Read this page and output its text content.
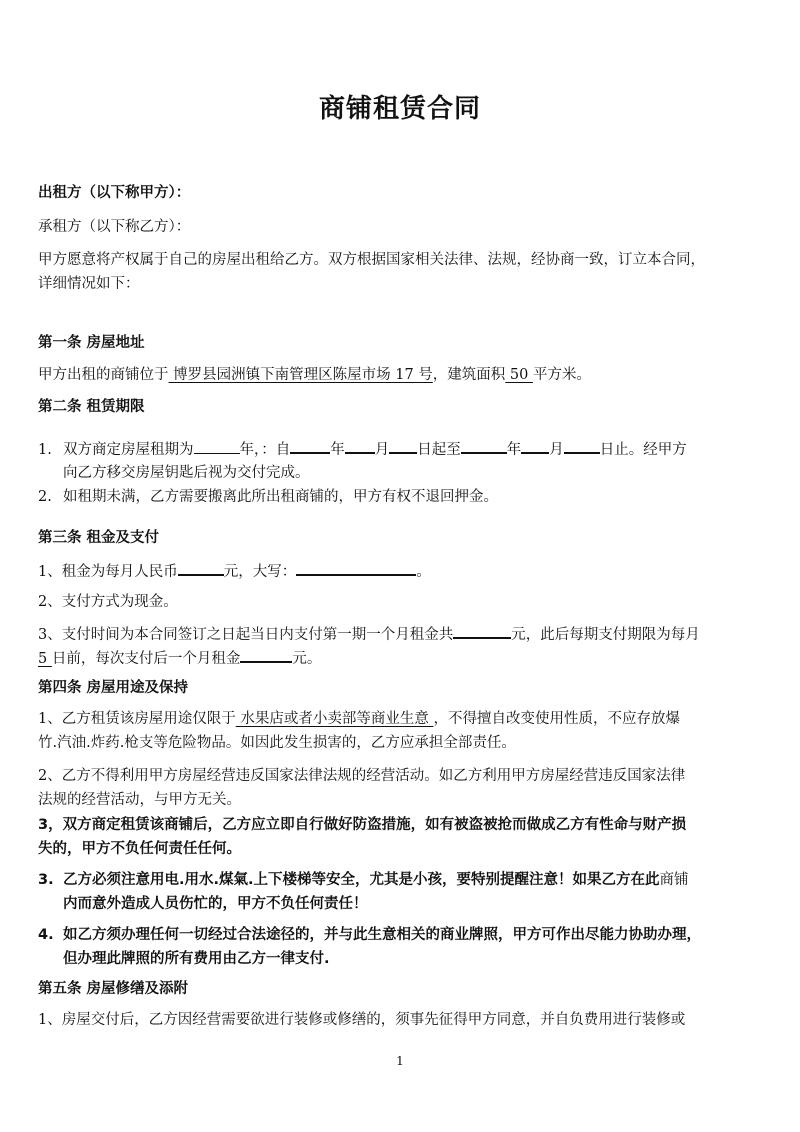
商铺租赁合同
出租方（以下称甲方）：
承租方（以下称乙方）：
甲方愿意将产权属于自己的房屋出租给乙方。双方根据国家相关法律、法规，经协商一致，订立本合同，
详细情况如下：
第一条 房屋地址
甲方出租的商铺位于 博罗县园洲镇下南管理区陈屋市场 17 号，建筑面积 50 平方米。
第二条 租赁期限
1. 双方商定房屋租期为	年，：自	年 月 日起至	年 月 日止。经甲方
向乙方移交房屋钥匙后视为交付完成。
2. 如租期未满，乙方需要搬离此所出租商铺的，甲方有权不退回押金。
第三条 租金及支付
1、租金为每月人民币	元，大写：	。
2、支付方式为现金。
3、支付时间为本合同签订之日起当日内支付第一期一个月租金共	元，此后每期支付期限为每月
5 日前，每次支付后一个月租金	元。
第四条 房屋用途及保持
1、乙方租赁该房屋用途仅限于 水果店或者小卖部等商业生意 ，不得擅自改变使用性质，不应存放爆
竹.汽油.炸药.枪支等危险物品。如因此发生损害的，乙方应承担全部责任。
2、乙方不得利用甲方房屋经营违反国家法律法规的经营活动。如乙方利用甲方房屋经营违反国家法律
法规的经营活动，与甲方无关。
3，双方商定租赁该商铺后，乙方应立即自行做好防盗措施，如有被盗被抢而做成乙方有性命与财产损
失的，甲方不负任何责任任何。
3. 乙方必须注意用电.用水.煤氣.上下楼梯等安全，尤其是小孩，要特别提醒注意！如果乙方在此商铺
内而意外造成人员伤忙的，甲方不负任何责任！
4. 如乙方须办理任何一切经过合法途径的，并与此生意相关的商业牌照，甲方可作出尽能力协助办理，
但办理此牌照的所有费用由乙方一律支付.
第五条 房屋修缮及添附
1、房屋交付后，乙方因经营需要欲进行装修或修缮的，须事先征得甲方同意，并自负费用进行装修或
1
